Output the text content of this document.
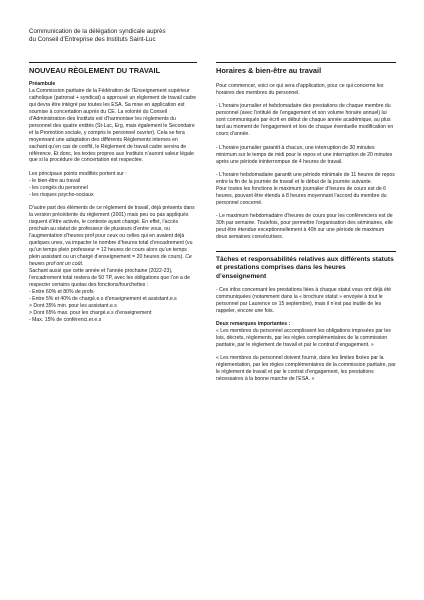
Communication de la délégation syndicale auprès
du Conseil d’Entreprise des Instituts Saint-Luc
NOUVEAU RÈGLEMENT DU TRAVAIL
Préambule

La Commission paritaire de la Fédération de l’Enseignement supérieur catholique (patronat + syndicat) a approuvé un règlement de travail cadre qui devra être intégré par toutes les ESA. Sa mise en application est soumise à concertation auprès du CE. La volonté du Conseil d’Administration des Instituts est d’harmoniser les règlements du personnel des quatre entités (St-Luc, Erg, mais également le Secondaire et la Promotion sociale, y compris le personnel ouvrier). Cela se fera moyennant une adaptation des différents Règlements internes en sachant qu’en cas de conflit, le Règlement de travail cadre servira de référence. Et donc, les textes propres aux Instituts n’auront valeur légale que si la procédure de concertation est respectée.

Les principaux points modifiés portent sur :
- le bien-être au travail
- les congés du personnel
- les risques psycho-sociaux

D’autre part des éléments de ce règlement de travail, déjà présents dans la version précédente du règlement (2001) mais peu ou pas appliqués risquent d’être activés, le contexte ayant changé. En effet, l’accès prochain au statut de professeur de plusieurs d’entre vous, ou l’augmentation d’heures prof pour ceux ou celles qui en avaient déjà quelques unes, va impacter le nombre d’heures total d’encadrement (vu qu’un temps plein professeur = 12 heures de cours alors qu’un temps plein assistant ou un chargé d’enseignement = 20 heures de cours). Ce heures prof ont un coût.

Sachant aussi que cette année et l’année prochaine (2022-23), l’encadrement total restera de 50 TP, avec les obligations que l’on a de respecter certains quotas des fonctions/fourchettes :
- Entre 60% et 80% de profs
- Entre 5% et 40% de chargé.e.s d’enseignement et assistant.e.s
> Dont 35% min. pour les assistant.e.s
> Dont 65% max. pour les chargé.e.s d’enseignement
- Max. 15% de conférenci.er.e.s
Horaires & bien-être au travail

Pour commencer, voici ce qui sera d’application, pour ce qui concerne les horaires des membres du personnel.

- L’horaire journalier et hebdomadaire des prestations de chaque membre du personnel (avec l’intitulé de l’engagement et son volume horaire annuel) lui sont communiqués par écrit en début de chaque année académique, au plus tard au moment de l’engagement et lors de chaque éventuelle modification en cours d’année.

- L’horaire journalier garantit à chacun, une interruption de 30 minutes minimum sur le temps de midi pour le repos et une interruption de 20 minutes après une période ininterrompue de 4 heures de travail.

- L’horaire hebdomadaire garantit une période minimale de 11 heures de repos entre la fin de la journée de travail et le début de la journée suivante.

Pour toutes les fonctions le maximum journalier d’heures de cours est de 6 heures, pouvant être étendu à 8 heures moyennant l’accord du membre du personnel concerné.

- Le maximum hebdomadaire d’heures de cours pour les conférenciers est de 30h par semaine. Toutefois, pour permettre l’organisation des séminaires, elle peut être étendue exceptionnellement à 40h sur une période de maximum deux semaines consécutives.

Tâches et responsabilités relatives aux différents statuts et prestations comprises dans les heures d’enseignement

- Ces infos concernant les prestations liées à chaque statut vous ont déjà été communiquées (notamment dans la « brochure statut » envoyée à tout le personnel par Laurence ce 15 septembre), mais il n’est pas inutile de les rappeler, encore une fois.

Deux remarques importantes :

« Les membres du personnel accomplissent les obligations imposées par les lois, décrets, règlements, par les règles complémentaires de la commission paritaire, par le règlement de travail et par le contrat d’engagement. »

« Les membres du personnel doivent fournir, dans les limites fixées par la réglementation, par les règles complémentaires de la commission paritaire, par le règlement de travail et par le contrat d’engagement, les prestations nécessaires à la bonne marche de l’ESA. »
